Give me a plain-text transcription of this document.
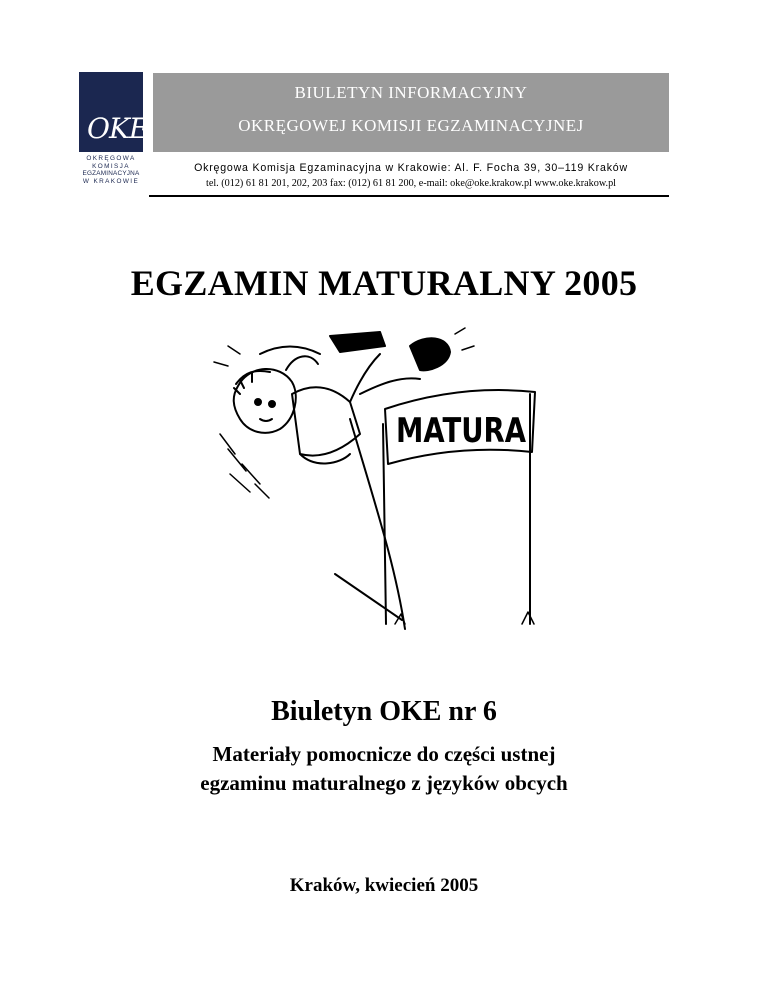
OKE
OKRĘGOWA
KOMISJA
EGZAMINACYJNA
W KRAKOWIE
BIULETYN INFORMACYJNY
OKRĘGOWEJ KOMISJI EGZAMINACYJNEJ
Okręgowa Komisja Egzaminacyjna w Krakowie: Al. F. Focha 39, 30–119 Kraków
tel. (012) 61 81 201, 202, 203 fax: (012) 61 81 200, e-mail: oke@oke.krakow.pl www.oke.krakow.pl
EGZAMIN MATURALNY 2005
MATURA
Biuletyn OKE nr 6
Materiały pomocnicze do części ustnej
egzaminu maturalnego z języków obcych
Kraków, kwiecień 2005
